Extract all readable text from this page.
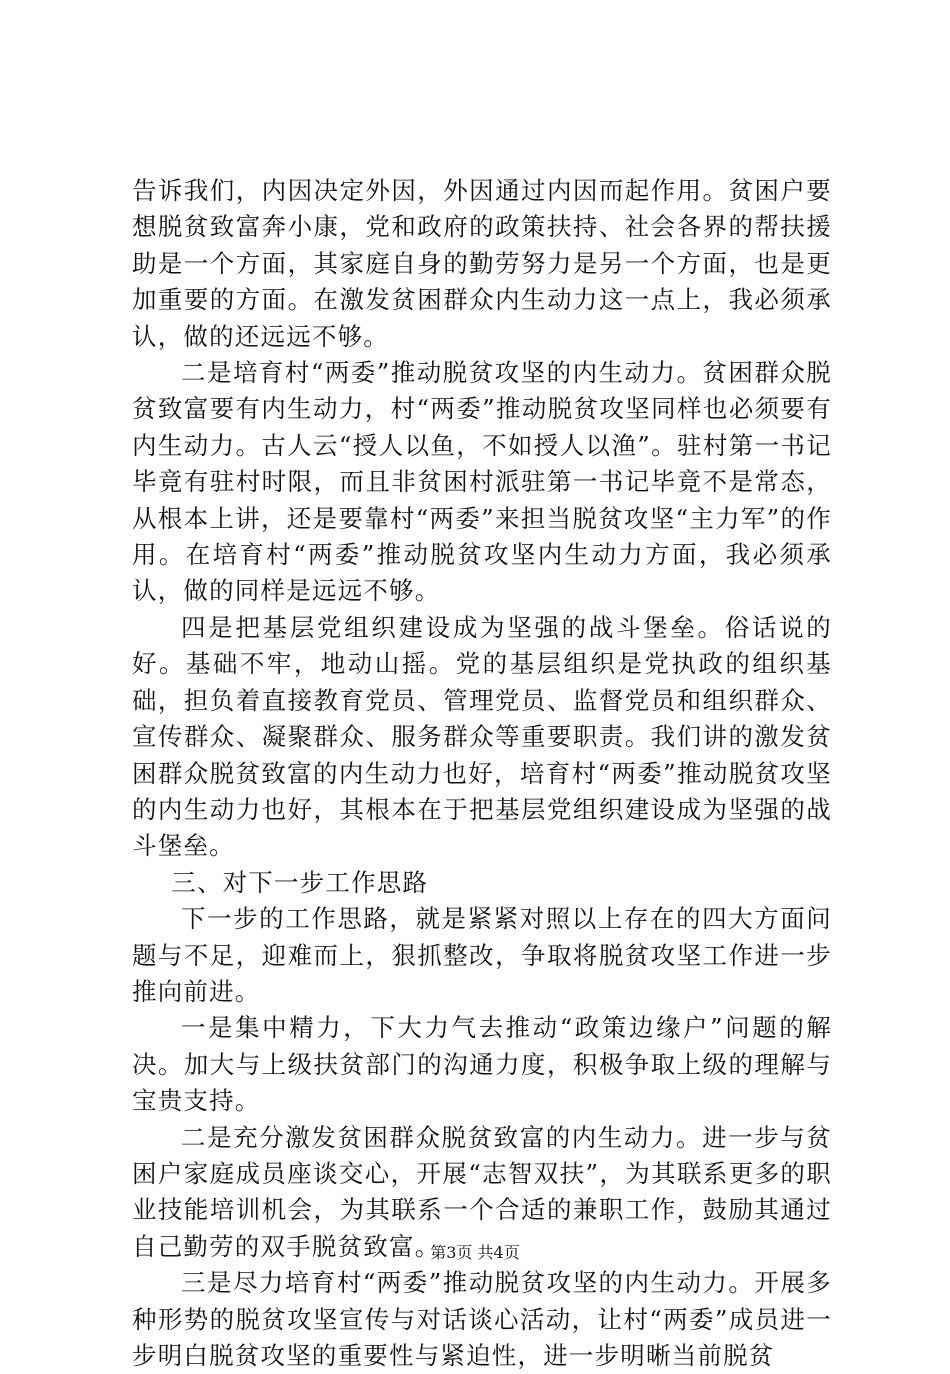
告诉我们，内因决定外因，外因通过内因而起作用。贫困户要想脱贫致富奔小康，党和政府的政策扶持、社会各界的帮扶援助是一个方面，其家庭自身的勤劳努力是另一个方面，也是更加重要的方面。在激发贫困群众内生动力这一点上，我必须承认，做的还远远不够。

二是培育村“两委”推动脱贫攻坚的内生动力。贫困群众脱贫致富要有内生动力，村“两委”推动脱贫攻坚同样也必须要有内生动力。古人云“授人以鱼，不如授人以渔”。驻村第一书记毕竟有驻村时限，而且非贫困村派驻第一书记毕竟不是常态，从根本上讲，还是要靠村“两委”来担当脱贫攻坚“主力军”的作用。在培育村“两委”推动脱贫攻坚内生动力方面，我必须承认，做的同样是远远不够。

四是把基层党组织建设成为坚强的战斗堡垒。俗话说的好。基础不牢，地动山摇。党的基层组织是党执政的组织基础，担负着直接教育党员、管理党员、监督党员和组织群众、宣传群众、凝聚群众、服务群众等重要职责。我们讲的激发贫困群众脱贫致富的内生动力也好，培育村“两委”推动脱贫攻坚的内生动力也好，其根本在于把基层党组织建设成为坚强的战斗堡垒。

三、对下一步工作思路

下一步的工作思路，就是紧紧对照以上存在的四大方面问题与不足，迎难而上，狠抓整改，争取将脱贫攻坚工作进一步推向前进。

一是集中精力，下大力气去推动“政策边缘户”问题的解决。加大与上级扶贫部门的沟通力度，积极争取上级的理解与宝贵支持。

二是充分激发贫困群众脱贫致富的内生动力。进一步与贫困户家庭成员座谈交心，开展“志智双扶”，为其联系更多的职业技能培训机会，为其联系一个合适的兼职工作，鼓励其通过自己勤劳的双手脱贫致富。

三是尽力培育村“两委”推动脱贫攻坚的内生动力。开展多种形势的脱贫攻坚宣传与对话谈心活动，让村“两委”成员进一步明白脱贫攻坚的重要性与紧迫性，进一步明晰当前脱贫

第3页 共4页
